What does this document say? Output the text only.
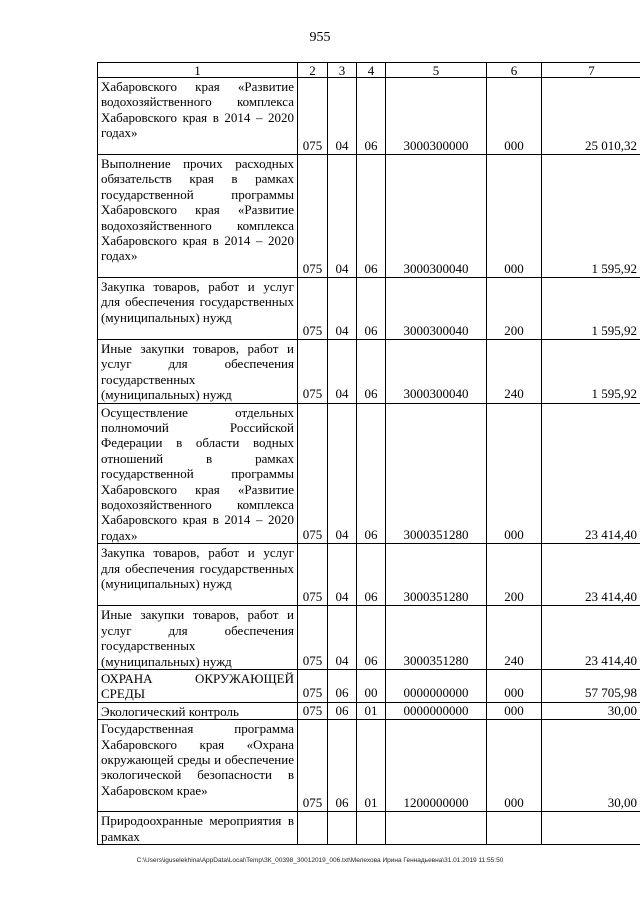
955
1	2	3	4	5	6	7
Хабаровского края «Развитие водохозяйственного комплекса Хабаровского края в 2014 – 2020 годах»	075	04	06	3000300000	000	25 010,32
Выполнение прочих расходных обязательств края в рамках государственной программы Хабаровского края «Развитие водохозяйственного комплекса Хабаровского края в 2014 – 2020 годах»	075	04	06	3000300040	000	1 595,92
Закупка товаров, работ и услуг для обеспечения государственных (муниципальных) нужд	075	04	06	3000300040	200	1 595,92
Иные закупки товаров, работ и услуг для обеспечения государственных (муниципальных) нужд	075	04	06	3000300040	240	1 595,92
Осуществление отдельных полномочий Российской Федерации в области водных отношений в рамках государственной программы Хабаровского края «Развитие водохозяйственного комплекса Хабаровского края в 2014 – 2020 годах»	075	04	06	3000351280	000	23 414,40
Закупка товаров, работ и услуг для обеспечения государственных (муниципальных) нужд	075	04	06	3000351280	200	23 414,40
Иные закупки товаров, работ и услуг для обеспечения государственных (муниципальных) нужд	075	04	06	3000351280	240	23 414,40
ОХРАНА ОКРУЖАЮЩЕЙ СРЕДЫ	075	06	00	0000000000	000	57 705,98
Экологический контроль	075	06	01	0000000000	000	30,00
Государственная программа Хабаровского края «Охрана окружающей среды и обеспечение экологической безопасности в Хабаровском крае»	075	06	01	1200000000	000	30,00
Природоохранные мероприятия в рамках						
C:\Users\iguselekhina\AppData\Local\Temp\ЗК_00398_30012019_006.txt\Мелехова Ирина Геннадьевна\31.01.2019 11:55:50
